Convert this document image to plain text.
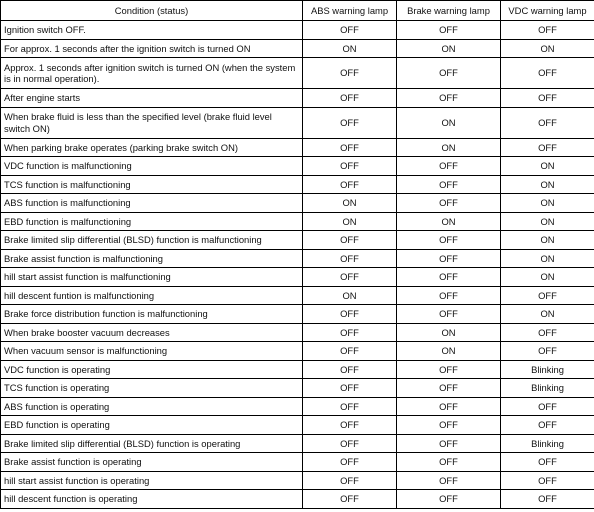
Condition (status)	ABS warning lamp	Brake warning lamp	VDC warning lamp
Ignition switch OFF.	OFF	OFF	OFF
For approx. 1 seconds after the ignition switch is turned ON	ON	ON	ON
Approx. 1 seconds after ignition switch is turned ON (when the system is in normal operation).	OFF	OFF	OFF
After engine starts	OFF	OFF	OFF
When brake fluid is less than the specified level (brake fluid level switch ON)	OFF	ON	OFF
When parking brake operates (parking brake switch ON)	OFF	ON	OFF
VDC function is malfunctioning	OFF	OFF	ON
TCS function is malfunctioning	OFF	OFF	ON
ABS function is malfunctioning	ON	OFF	ON
EBD function is malfunctioning	ON	ON	ON
Brake limited slip differential (BLSD) function is malfunctioning	OFF	OFF	ON
Brake assist function is malfunctioning	OFF	OFF	ON
hill start assist function is malfunctioning	OFF	OFF	ON
hill descent funtion is malfunctioning	ON	OFF	OFF
Brake force distribution function is malfunctioning	OFF	OFF	ON
When brake booster vacuum decreases	OFF	ON	OFF
When vacuum sensor is malfunctioning	OFF	ON	OFF
VDC function is operating	OFF	OFF	Blinking
TCS function is operating	OFF	OFF	Blinking
ABS function is operating	OFF	OFF	OFF
EBD function is operating	OFF	OFF	OFF
Brake limited slip differential (BLSD) function is operating	OFF	OFF	Blinking
Brake assist function is operating	OFF	OFF	OFF
hill start assist function is operating	OFF	OFF	OFF
hill descent function is operating	OFF	OFF	OFF
